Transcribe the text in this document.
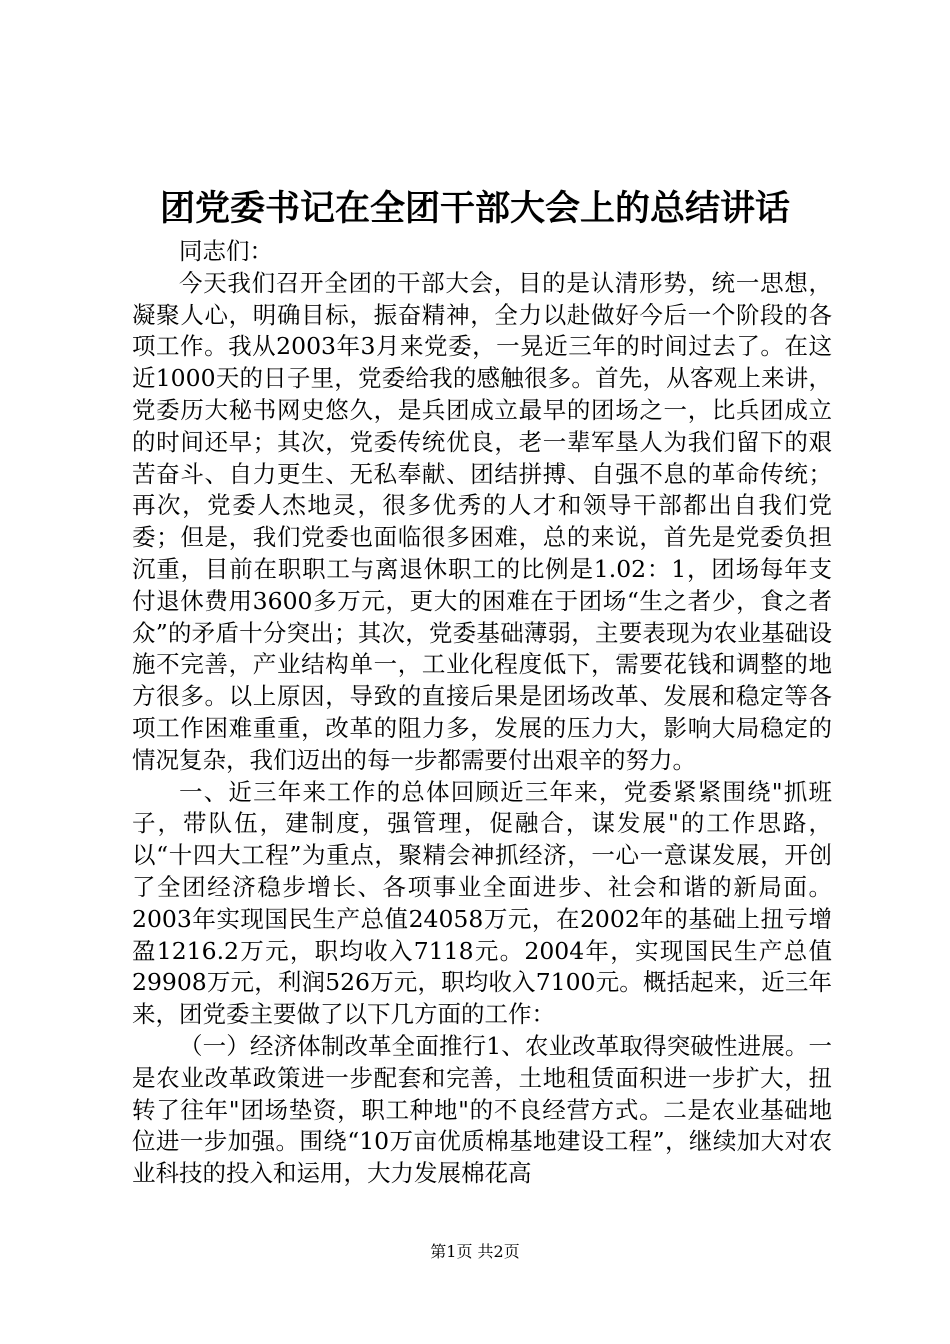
团党委书记在全团干部大会上的总结讲话

同志们：

今天我们召开全团的干部大会，目的是认清形势，统一思想，凝聚人心，明确目标，振奋精神，全力以赴做好今后一个阶段的各项工作。我从2003年3月来党委，一晃近三年的时间过去了。在这近1000天的日子里，党委给我的感触很多。首先，从客观上来讲，党委历大秘书网史悠久，是兵团成立最早的团场之一，比兵团成立的时间还早；其次，党委传统优良，老一辈军垦人为我们留下的艰苦奋斗、自力更生、无私奉献、团结拼搏、自强不息的革命传统；再次，党委人杰地灵，很多优秀的人才和领导干部都出自我们党委；但是，我们党委也面临很多困难，总的来说，首先是党委负担沉重，目前在职职工与离退休职工的比例是1.02：1，团场每年支付退休费用3600多万元，更大的困难在于团场“生之者少，食之者众”的矛盾十分突出；其次，党委基础薄弱，主要表现为农业基础设施不完善，产业结构单一，工业化程度低下，需要花钱和调整的地方很多。以上原因，导致的直接后果是团场改革、发展和稳定等各项工作困难重重，改革的阻力多，发展的压力大，影响大局稳定的情况复杂，我们迈出的每一步都需要付出艰辛的努力。

一、近三年来工作的总体回顾近三年来，党委紧紧围绕"抓班子，带队伍，建制度，强管理，促融合，谋发展"的工作思路，以“十四大工程”为重点，聚精会神抓经济，一心一意谋发展，开创了全团经济稳步增长、各项事业全面进步、社会和谐的新局面。2003年实现国民生产总值24058万元，在2002年的基础上扭亏增盈1216.2万元，职均收入7118元。2004年，实现国民生产总值29908万元，利润526万元，职均收入7100元。概括起来，近三年来，团党委主要做了以下几方面的工作：

（一）经济体制改革全面推行1、农业改革取得突破性进展。一是农业改革政策进一步配套和完善，土地租赁面积进一步扩大，扭转了往年"团场垫资，职工种地"的不良经营方式。二是农业基础地位进一步加强。围绕“10万亩优质棉基地建设工程”，继续加大对农业科技的投入和运用，大力发展棉花高

第1页 共2页
